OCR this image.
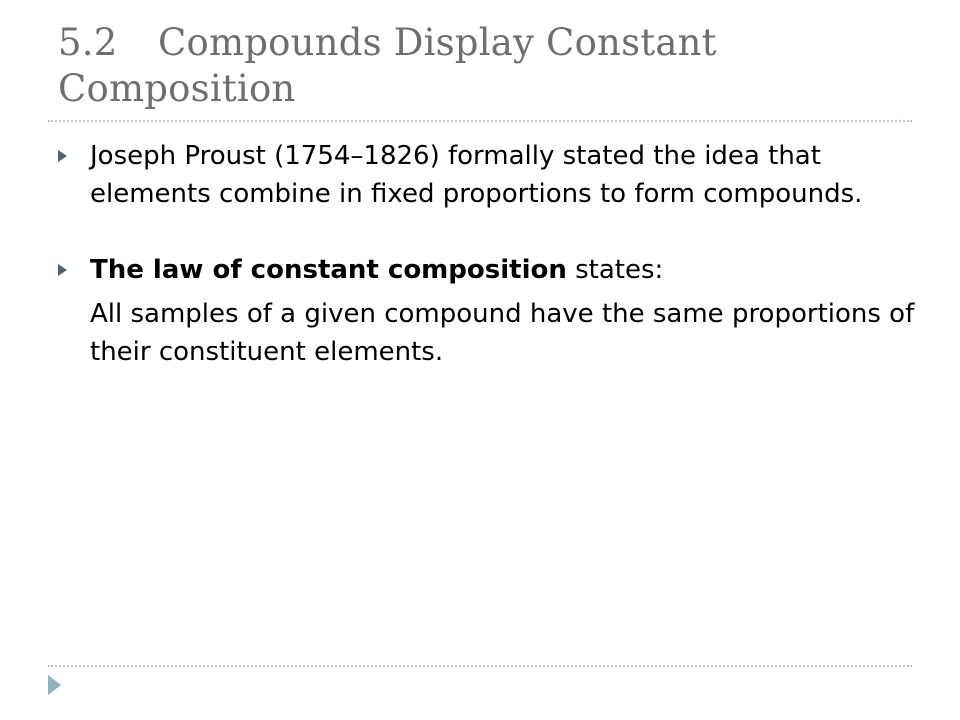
5.2 Compounds Display Constant Composition
Joseph Proust (1754–1826) formally stated the idea that elements combine in fixed proportions to form compounds.
The law of constant composition states:
All samples of a given compound have the same proportions of their constituent elements.
